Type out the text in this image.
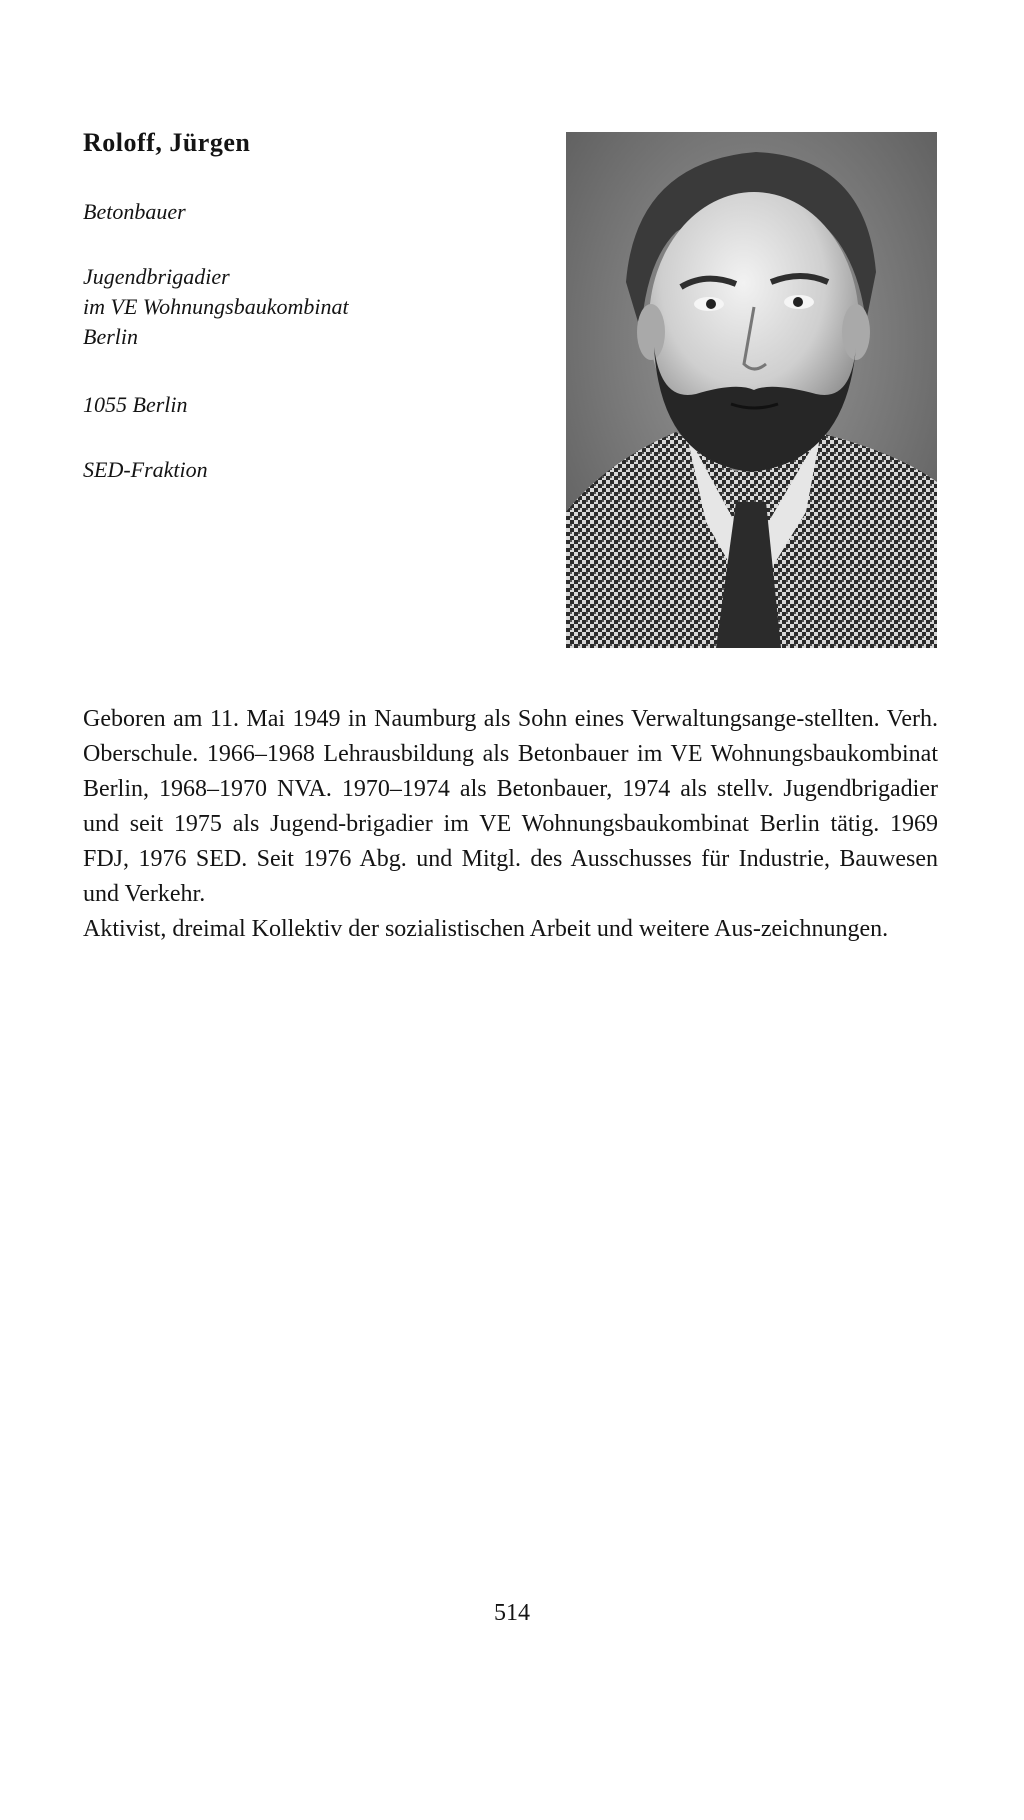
Roloff, Jürgen
Betonbauer
Jugendbrigadier
im VE Wohnungsbaukombinat
Berlin
1055 Berlin
SED-Fraktion

Geboren am 11. Mai 1949 in Naumburg als Sohn eines Verwaltungsange-stellten. Verh. Oberschule. 1966–1968 Lehrausbildung als Betonbauer im VE Wohnungsbaukombinat Berlin, 1968–1970 NVA. 1970–1974 als Betonbauer, 1974 als stellv. Jugendbrigadier und seit 1975 als Jugend-brigadier im VE Wohnungsbaukombinat Berlin tätig. 1969 FDJ, 1976 SED. Seit 1976 Abg. und Mitgl. des Ausschusses für Industrie, Bauwesen und Verkehr.

Aktivist, dreimal Kollektiv der sozialistischen Arbeit und weitere Aus-zeichnungen.

514
